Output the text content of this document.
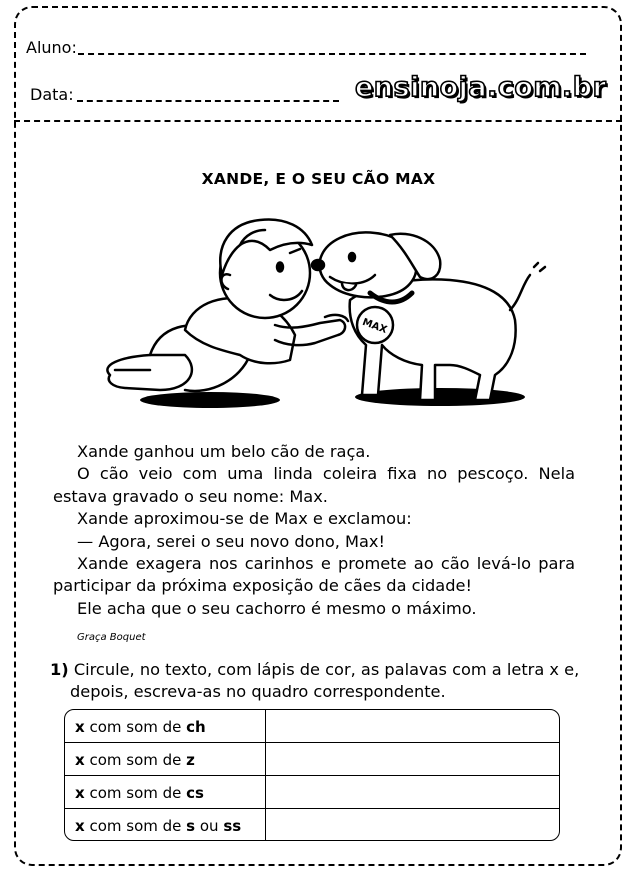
Aluno:
Data:	ensinoja.com.br
XANDE, E O SEU CÃO MAX
MAX

Xande ganhou um belo cão de raça.

O cão veio com uma linda coleira fixa no pescoço. Nela estava gravado o seu nome: Max.

Xande aproximou-se de Max e exclamou:

— Agora, serei o seu novo dono, Max!

Xande exagera nos carinhos e promete ao cão levá-lo para participar da próxima exposição de cães da cidade!

Ele acha que o seu cachorro é mesmo o máximo.

Graça Boquet
1) Circule, no texto, com lápis de cor, as palavas com a letra x e,
depois, escreva-as no quadro correspondente.
x com som de ch
x com som de z
x com som de cs
x com som de s ou ss
